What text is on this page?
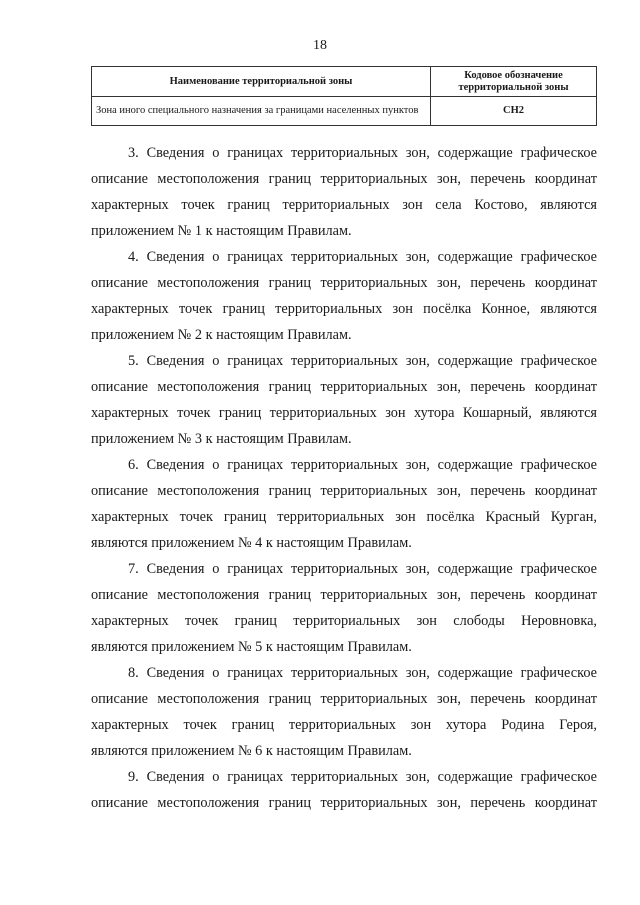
18
Наименование территориальной зоны	Кодовое обозначение территориальной зоны
Зона иного специального назначения за границами населенных пунктов	СН2

3. Сведения о границах территориальных зон, содержащие графическое
описание местоположения границ территориальных зон, перечень координат
характерных точек границ территориальных зон села Костово, являются
приложением № 1 к настоящим Правилам.

4. Сведения о границах территориальных зон, содержащие графическое
описание местоположения границ территориальных зон, перечень координат
характерных точек границ территориальных зон посёлка Конное, являются
приложением № 2 к настоящим Правилам.

5. Сведения о границах территориальных зон, содержащие графическое
описание местоположения границ территориальных зон, перечень координат
характерных точек границ территориальных зон хутора Кошарный, являются
приложением № 3 к настоящим Правилам.

6. Сведения о границах территориальных зон, содержащие графическое
описание местоположения границ территориальных зон, перечень координат
характерных точек границ территориальных зон посёлка Красный Курган,
являются приложением № 4 к настоящим Правилам.

7. Сведения о границах территориальных зон, содержащие графическое
описание местоположения границ территориальных зон, перечень координат
характерных точек границ территориальных зон слободы Неровновка,
являются приложением № 5 к настоящим Правилам.

8. Сведения о границах территориальных зон, содержащие графическое
описание местоположения границ территориальных зон, перечень координат
характерных точек границ территориальных зон хутора Родина Героя,
являются приложением № 6 к настоящим Правилам.

9. Сведения о границах территориальных зон, содержащие графическое
описание местоположения границ территориальных зон, перечень координат
